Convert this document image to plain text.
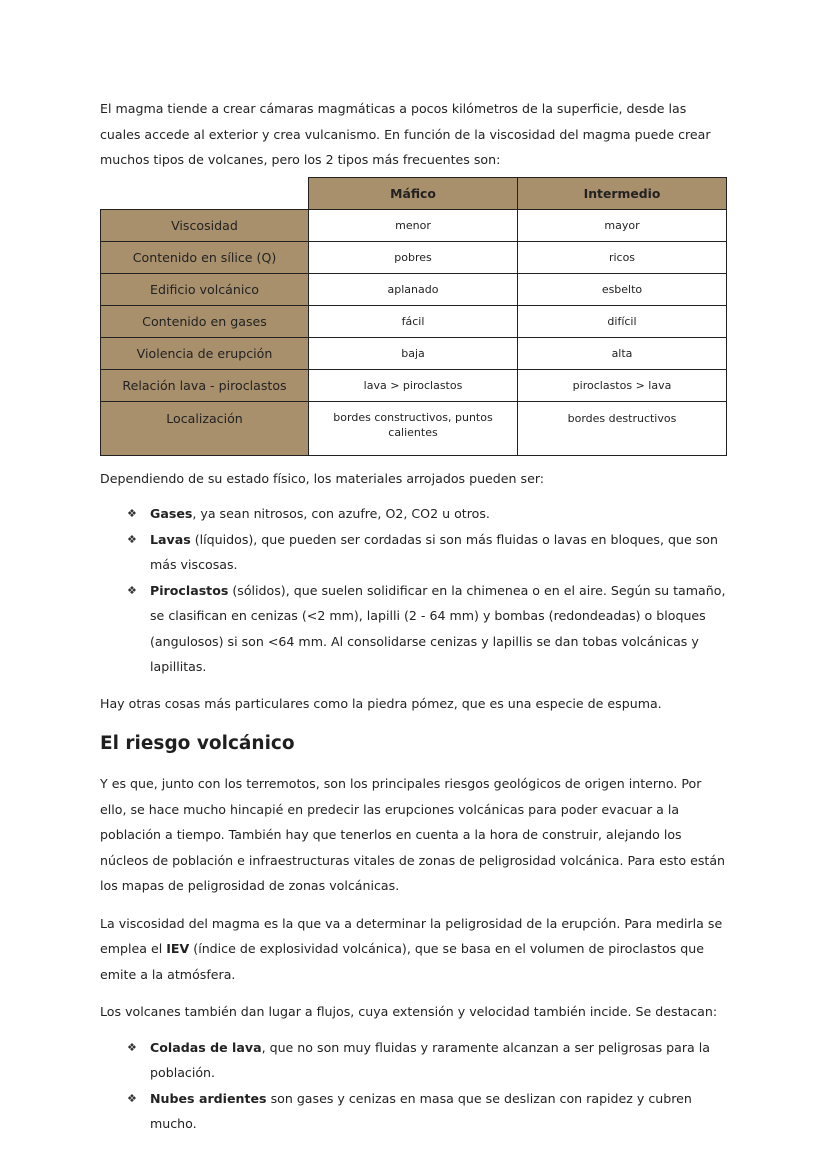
El magma tiende a crear cámaras magmáticas a pocos kilómetros de la superficie, desde las cuales accede al exterior y crea vulcanismo. En función de la viscosidad del magma puede crear muchos tipos de volcanes, pero los 2 tipos más frecuentes son:

	Máfico	Intermedio
Viscosidad	menor	mayor
Contenido en sílice (Q)	pobres	ricos
Edificio volcánico	aplanado	esbelto
Contenido en gases	fácil	difícil
Violencia de erupción	baja	alta
Relación lava - piroclastos	lava > piroclastos	piroclastos > lava
Localización	bordes constructivos, puntos calientes	bordes destructivos

Dependiendo de su estado físico, los materiales arrojados pueden ser:

❖ Gases, ya sean nitrosos, con azufre, O2, CO2 u otros.
❖ Lavas (líquidos), que pueden ser cordadas si son más fluidas o lavas en bloques, que son más viscosas.
❖ Piroclastos (sólidos), que suelen solidificar en la chimenea o en el aire. Según su tamaño, se clasifican en cenizas (<2 mm), lapilli (2 - 64 mm) y bombas (redondeadas) o bloques (angulosos) si son <64 mm. Al consolidarse cenizas y lapillis se dan tobas volcánicas y lapillitas.

Hay otras cosas más particulares como la piedra pómez, que es una especie de espuma.

El riesgo volcánico

Y es que, junto con los terremotos, son los principales riesgos geológicos de origen interno. Por ello, se hace mucho hincapié en predecir las erupciones volcánicas para poder evacuar a la población a tiempo. También hay que tenerlos en cuenta a la hora de construir, alejando los núcleos de población e infraestructuras vitales de zonas de peligrosidad volcánica. Para esto están los mapas de peligrosidad de zonas volcánicas.

La viscosidad del magma es la que va a determinar la peligrosidad de la erupción. Para medirla se emplea el IEV (índice de explosividad volcánica), que se basa en el volumen de piroclastos que emite a la atmósfera.

Los volcanes también dan lugar a flujos, cuya extensión y velocidad también incide. Se destacan:

❖ Coladas de lava, que no son muy fluidas y raramente alcanzan a ser peligrosas para la población.
❖ Nubes ardientes son gases y cenizas en masa que se deslizan con rapidez y cubren mucho.
